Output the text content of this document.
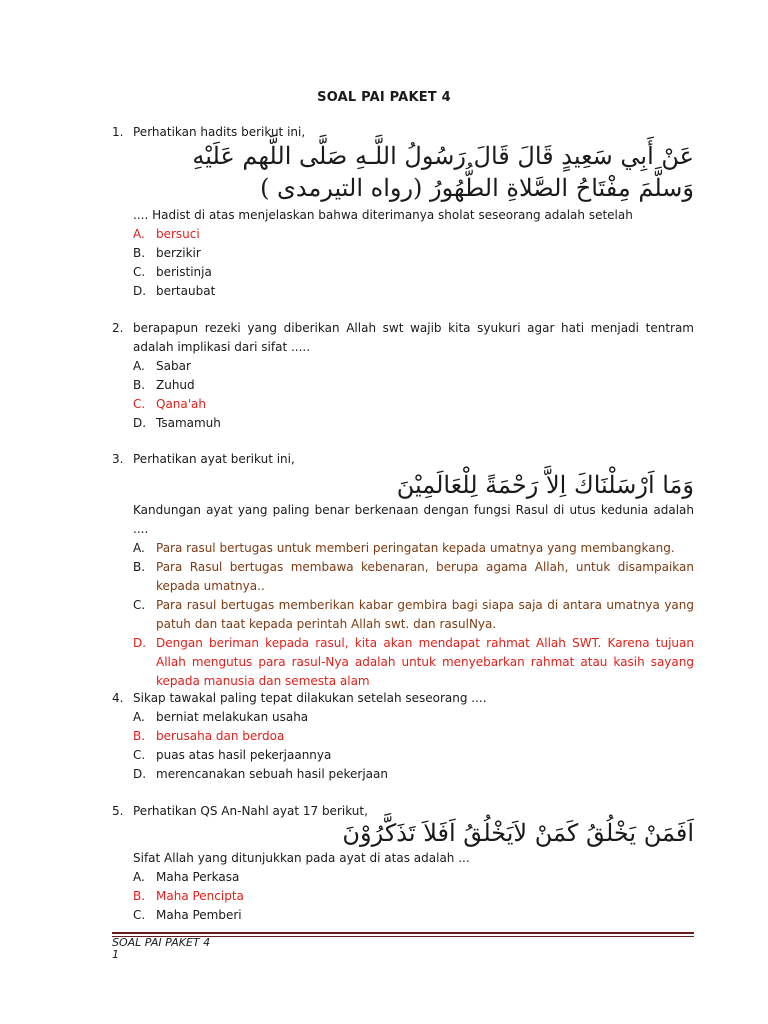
SOAL PAI PAKET 4
1. Perhatikan hadits berikut ini,
عَنْ أَبِي سَعِيدٍ قَالَ قَالَ رَسُولُ اللَّـهِ صَلَّى اللَّهم عَلَيْهِ
وَسلَّمَ مِفْتَاحُ الصَّلاةِ الطُّهُورُ (رواه التيرمدى )
.... Hadist di atas menjelaskan bahwa diterimanya sholat seseorang adalah setelah
A. bersuci
B. berzikir
C. beristinja
D. bertaubat
2. berapapun rezeki yang diberikan Allah swt wajib kita syukuri agar hati menjadi tentram adalah implikasi dari sifat .....
A. Sabar
B. Zuhud
C. Qana'ah
D. Tsamamuh
3. Perhatikan ayat berikut ini,
وَمَا اَرْسَلْنَاكَ اِلاَّ رَحْمَةً لِلْعَالَمِيْنَ
Kandungan ayat yang paling benar berkenaan dengan fungsi Rasul di utus kedunia adalah ....
A. Para rasul bertugas untuk memberi peringatan kepada umatnya yang membangkang.
B. Para Rasul bertugas membawa kebenaran, berupa agama Allah, untuk disampaikan kepada umatnya..
C. Para rasul bertugas memberikan kabar gembira bagi siapa saja di antara umatnya yang patuh dan taat kepada perintah Allah swt. dan rasulNya.
D. Dengan beriman kepada rasul, kita akan mendapat rahmat Allah SWT. Karena tujuan Allah mengutus para rasul-Nya adalah untuk menyebarkan rahmat atau kasih sayang kepada manusia dan semesta alam
4. Sikap tawakal paling tepat dilakukan setelah seseorang ....
A. berniat melakukan usaha
B. berusaha dan berdoa
C. puas atas hasil pekerjaannya
D. merencanakan sebuah hasil pekerjaan
5. Perhatikan QS An-Nahl ayat 17 berikut,
اَفَمَنْ يَخْلُقُ كَمَنْ لاَيَخْلُقُ اَفَلاَ تَذَكَّرُوْنَ
Sifat Allah yang ditunjukkan pada ayat di atas adalah ...
A. Maha Perkasa
B. Maha Pencipta
C. Maha Pemberi
SOAL PAI PAKET 4
1
